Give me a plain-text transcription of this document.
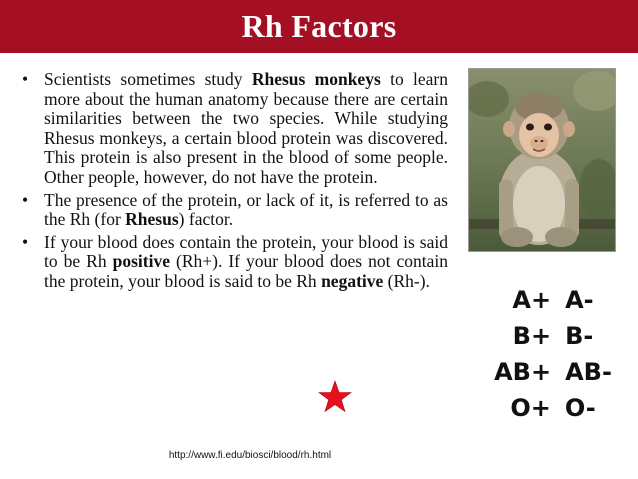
Rh Factors
• Scientists sometimes study Rhesus monkeys to learn more about the human anatomy because there are certain similarities between the two species. While studying Rhesus monkeys, a certain blood protein was discovered. This protein is also present in the blood of some people. Other people, however, do not have the protein.
• The presence of the protein, or lack of it, is referred to as the Rh (for Rhesus) factor.
• If your blood does contain the protein, your blood is said to be Rh positive (Rh+). If your blood does not contain the protein, your blood is said to be Rh negative (Rh-).
A+ A-
B+ B-
AB+ AB-
O+ O-
http://www.fi.edu/biosci/blood/rh.html
